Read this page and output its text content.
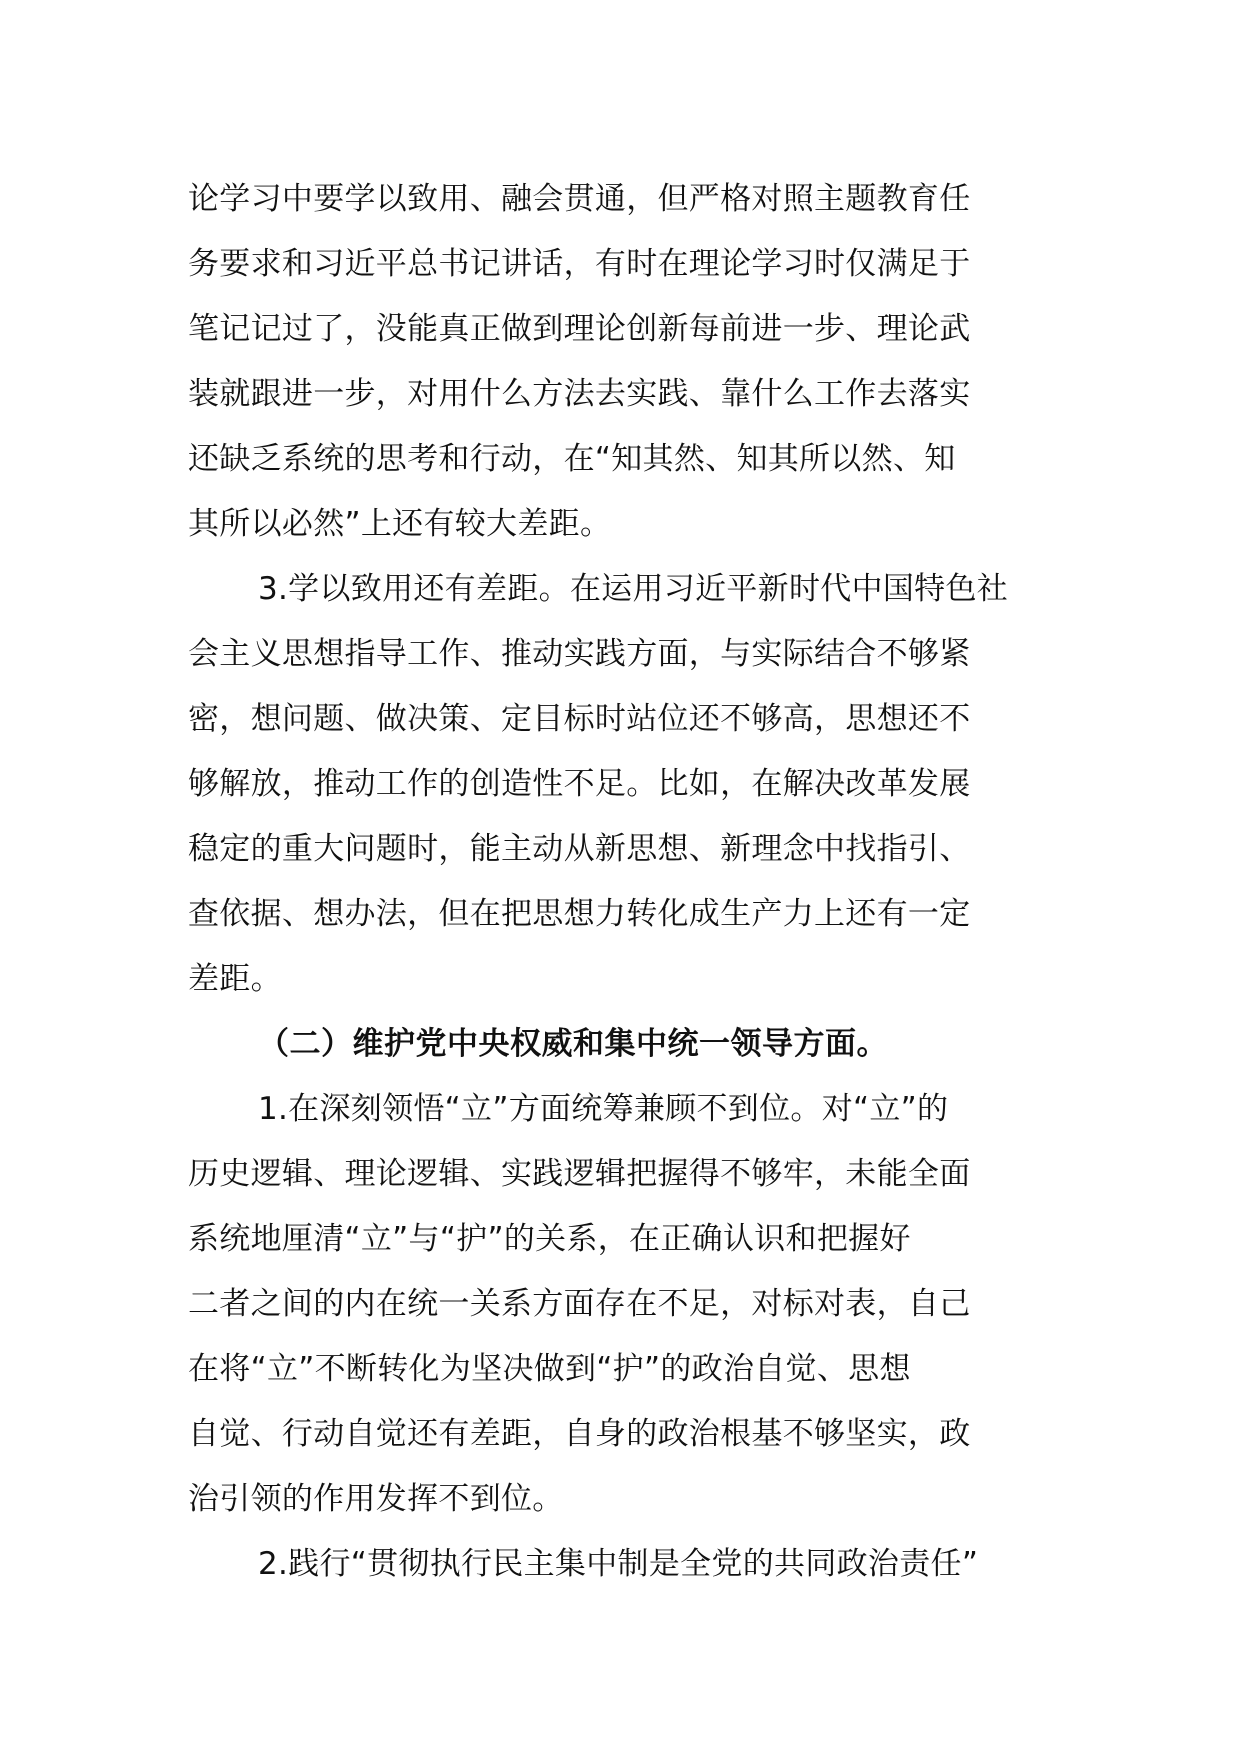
论学习中要学以致用、融会贯通，但严格对照主题教育任
务要求和习近平总书记讲话，有时在理论学习时仅满足于
笔记记过了，没能真正做到理论创新每前进一步、理论武
装就跟进一步，对用什么方法去实践、靠什么工作去落实
还缺乏系统的思考和行动，在“知其然、知其所以然、知
其所以必然”上还有较大差距。
3.学以致用还有差距。在运用习近平新时代中国特色社
会主义思想指导工作、推动实践方面，与实际结合不够紧
密，想问题、做决策、定目标时站位还不够高，思想还不
够解放，推动工作的创造性不足。比如，在解决改革发展
稳定的重大问题时，能主动从新思想、新理念中找指引、
查依据、想办法，但在把思想力转化成生产力上还有一定
差距。
（二）维护党中央权威和集中统一领导方面。
1.在深刻领悟“立”方面统筹兼顾不到位。对“立”的
历史逻辑、理论逻辑、实践逻辑把握得不够牢，未能全面
系统地厘清“立”与“护”的关系，在正确认识和把握好
二者之间的内在统一关系方面存在不足，对标对表，自己
在将“立”不断转化为坚决做到“护”的政治自觉、思想
自觉、行动自觉还有差距，自身的政治根基不够坚实，政
治引领的作用发挥不到位。
2.践行“贯彻执行民主集中制是全党的共同政治责任”
